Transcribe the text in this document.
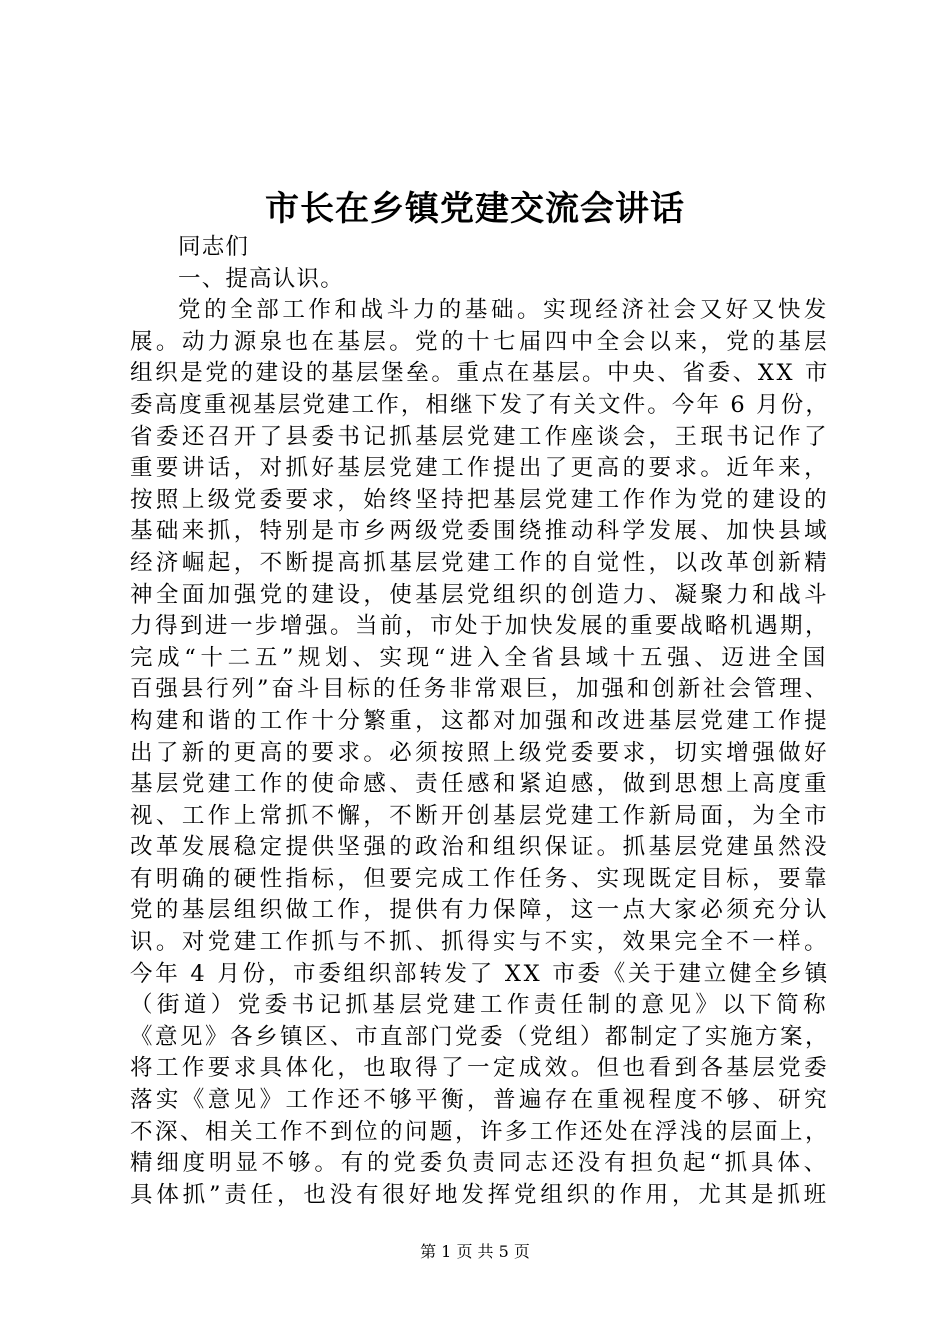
市长在乡镇党建交流会讲话
同志们
一、提高认识。
党的全部工作和战斗力的基础。实现经济社会又好又快发
展。动力源泉也在基层。党的十七届四中全会以来，党的基层
组织是党的建设的基层堡垒。重点在基层。中央、省委、XX 市
委高度重视基层党建工作，相继下发了有关文件。今年 6 月份，
省委还召开了县委书记抓基层党建工作座谈会，王珉书记作了
重要讲话，对抓好基层党建工作提出了更高的要求。近年来，
按照上级党委要求，始终坚持把基层党建工作作为党的建设的
基础来抓，特别是市乡两级党委围绕推动科学发展、加快县域
经济崛起，不断提高抓基层党建工作的自觉性，以改革创新精
神全面加强党的建设，使基层党组织的创造力、凝聚力和战斗
力得到进一步增强。当前，市处于加快发展的重要战略机遇期，
完成“十二五”规划、实现“进入全省县域十五强、迈进全国
百强县行列”奋斗目标的任务非常艰巨，加强和创新社会管理、
构建和谐的工作十分繁重，这都对加强和改进基层党建工作提
出了新的更高的要求。必须按照上级党委要求，切实增强做好
基层党建工作的使命感、责任感和紧迫感，做到思想上高度重
视、工作上常抓不懈，不断开创基层党建工作新局面，为全市
改革发展稳定提供坚强的政治和组织保证。抓基层党建虽然没
有明确的硬性指标，但要完成工作任务、实现既定目标，要靠
党的基层组织做工作，提供有力保障，这一点大家必须充分认
识。对党建工作抓与不抓、抓得实与不实，效果完全不一样。
今年 4 月份，市委组织部转发了 XX 市委《关于建立健全乡镇
（街道）党委书记抓基层党建工作责任制的意见》以下简称
《意见》各乡镇区、市直部门党委（党组）都制定了实施方案，
将工作要求具体化，也取得了一定成效。但也看到各基层党委
落实《意见》工作还不够平衡，普遍存在重视程度不够、研究
不深、相关工作不到位的问题，许多工作还处在浮浅的层面上，
精细度明显不够。有的党委负责同志还没有担负起“抓具体、
具体抓”责任，也没有很好地发挥党组织的作用，尤其是抓班
第 1 页 共 5 页
